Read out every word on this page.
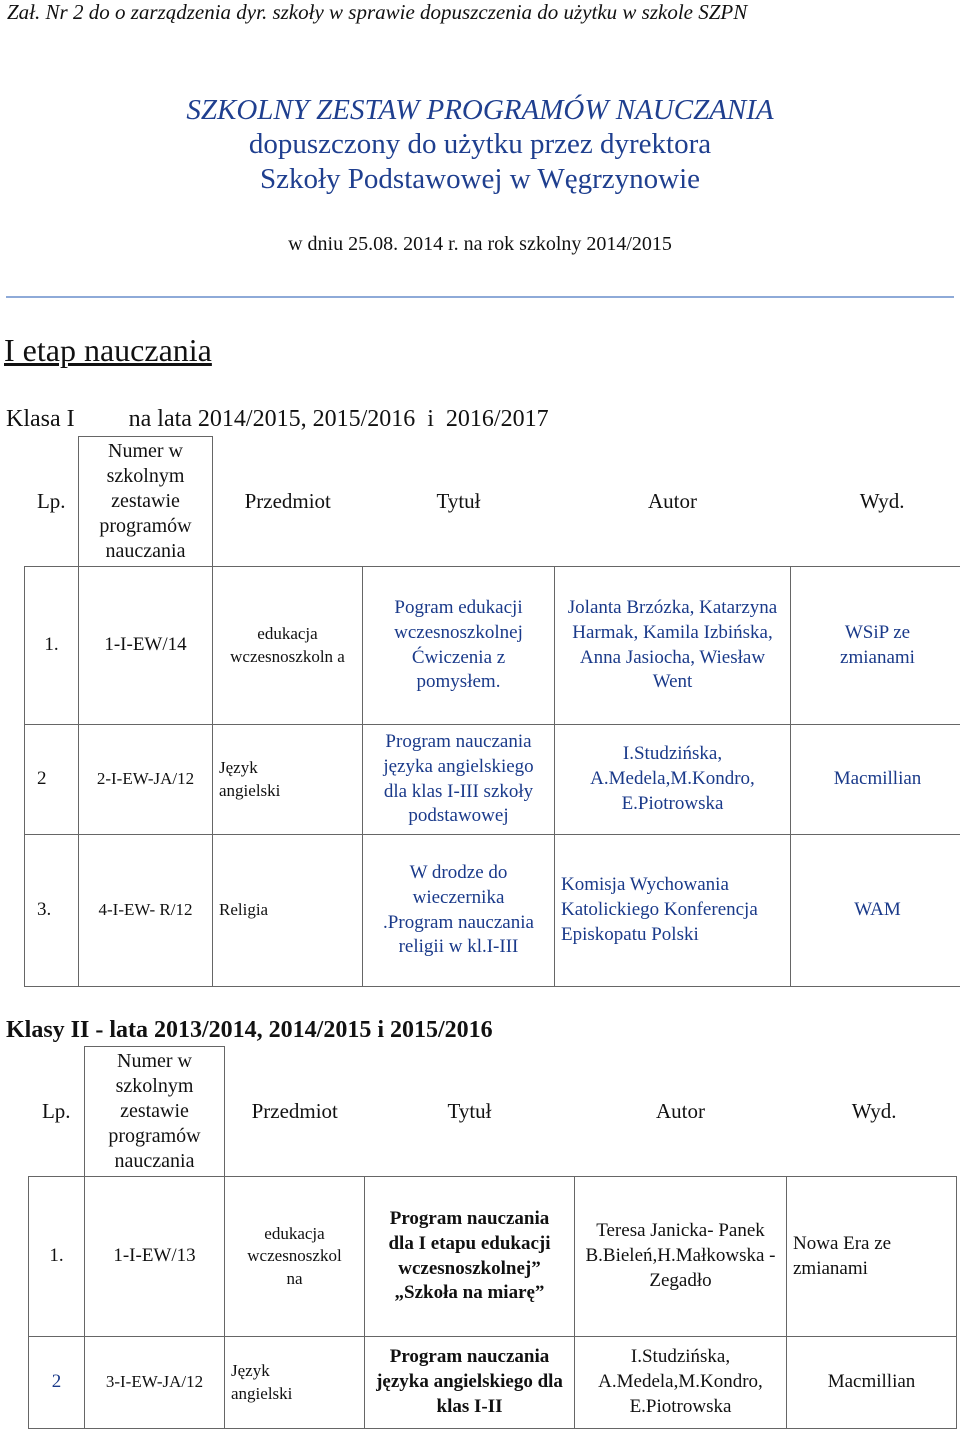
Zał. Nr 2 do o zarządzenia dyr. szkoły w sprawie dopuszczenia do użytku w szkole SZPN
SZKOLNY ZESTAW PROGRAMÓW NAUCZANIA
dopuszczony do użytku przez dyrektora
Szkoły Podstawowej w Węgrzynowie
w dniu 25.08. 2014 r. na rok szkolny 2014/2015
I etap nauczania
Klasa I         na lata 2014/2015, 2015/2016  i  2016/2017
Lp.	Numer w szkolnym zestawie programów nauczania	Przedmiot	Tytuł	Autor	Wyd.
1.	1-I-EW/14	edukacja wczesnoszkoln a	Pogram edukacji wczesnoszkolnej Ćwiczenia z pomysłem.	Jolanta Brzózka, Katarzyna Harmak, Kamila Izbińska, Anna Jasiocha, Wiesław Went	WSiP ze zmianami
2	2-I-EW-JA/12	Język angielski	Program nauczania języka angielskiego dla klas I-III szkoły podstawowej	I.Studzińska, A.Medela,M.Kondro, E.Piotrowska	Macmillian
3.	4-I-EW- R/12	Religia	W drodze do wieczernika .Program nauczania religii w kl.I-III	Komisja Wychowania Katolickiego Konferencja Episkopatu Polski	WAM
Klasy II - lata 2013/2014, 2014/2015 i 2015/2016
Lp.	Numer w szkolnym zestawie programów nauczania	Przedmiot	Tytuł	Autor	Wyd.
1.	1-I-EW/13	edukacja wczesnoszkol na	Program nauczania dla I etapu edukacji wczesnoszkolnej” „Szkoła na miarę”	Teresa Janicka- Panek B.Bieleń,H.Małkowska -Zegadło	Nowa Era ze zmianami
2	3-I-EW-JA/12	Język angielski	Program nauczania języka angielskiego dla klas I-II	I.Studzińska, A.Medela,M.Kondro, E.Piotrowska	Macmillian
